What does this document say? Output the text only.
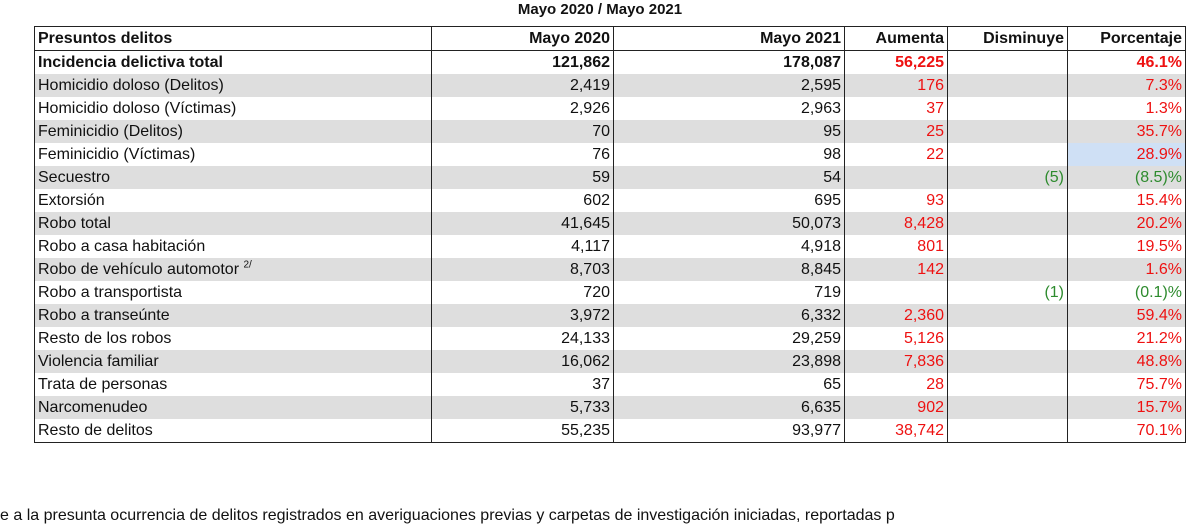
Mayo 2020 / Mayo 2021
Presuntos delitos	Mayo 2020	Mayo 2021	Aumenta	Disminuye	Porcentaje
Incidencia delictiva total	121,862	178,087	56,225		46.1%
Homicidio doloso (Delitos)	2,419	2,595	176		7.3%
Homicidio doloso (Víctimas)	2,926	2,963	37		1.3%
Feminicidio (Delitos)	70	95	25		35.7%
Feminicidio (Víctimas)	76	98	22		28.9%
Secuestro	59	54		(5)	(8.5)%
Extorsión	602	695	93		15.4%
Robo total	41,645	50,073	8,428		20.2%
Robo a casa habitación	4,117	4,918	801		19.5%
Robo de vehículo automotor $^{2/}$	8,703	8,845	142		1.6%
Robo a transportista	720	719		(1)	(0.1)%
Robo a transeúnte	3,972	6,332	2,360		59.4%
Resto de los robos	24,133	29,259	5,126		21.2%
Violencia familiar	16,062	23,898	7,836		48.8%
Trata de personas	37	65	28		75.7%
Narcomenudeo	5,733	6,635	902		15.7%
Resto de delitos	55,235	93,977	38,742		70.1%
e a la presunta ocurrencia de delitos registrados en averiguaciones previas y carpetas de investigación iniciadas, reportadas p
